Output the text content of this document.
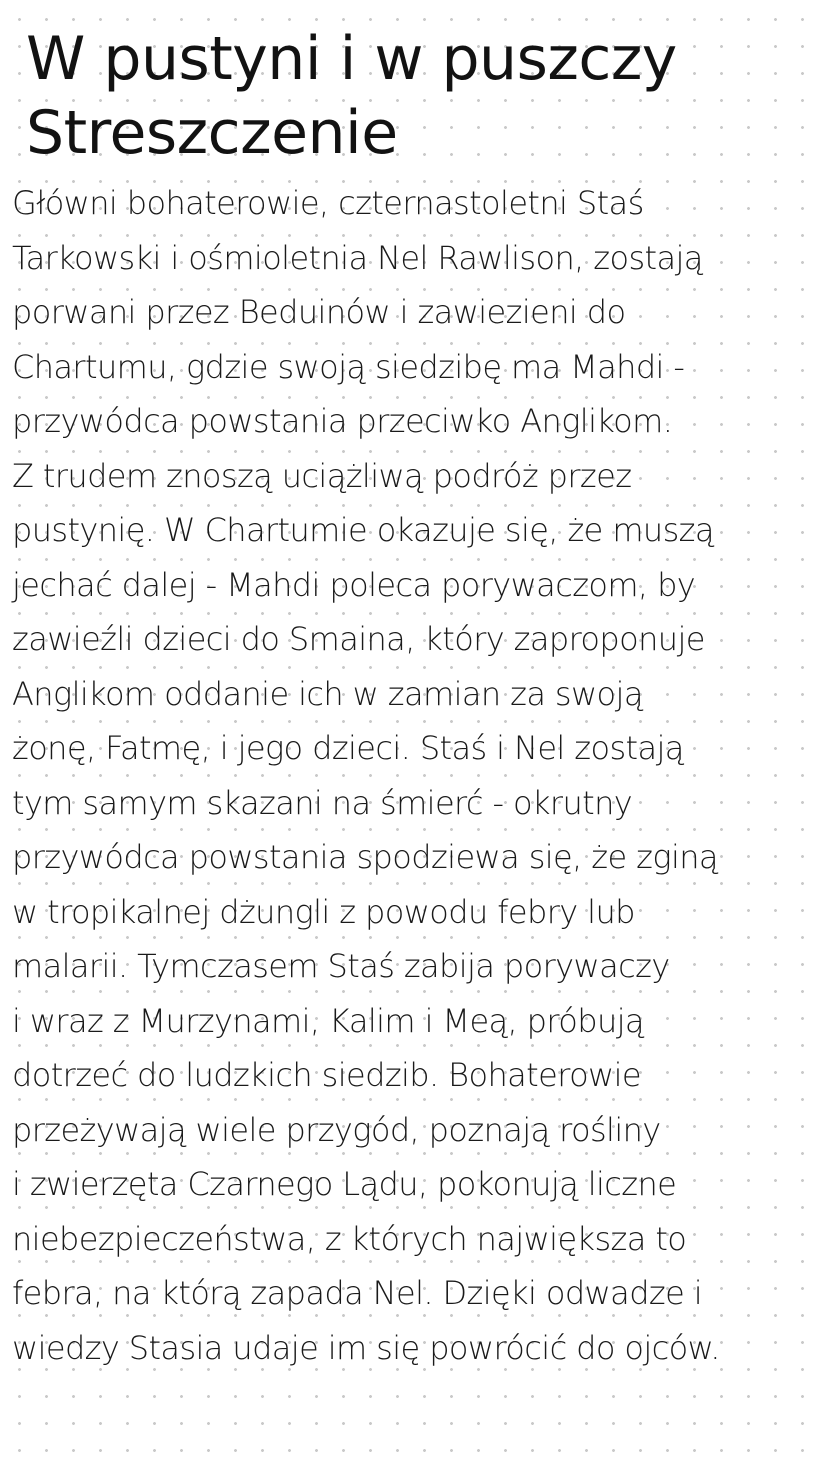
W pustyni i w puszczy
Streszczenie
Główni bohaterowie, czternastoletni Staś
Tarkowski i ośmioletnia Nel Rawlison, zostają
porwani przez Beduinów i zawiezieni do
Chartumu, gdzie swoją siedzibę ma Mahdi -
przywódca powstania przeciwko Anglikom.
Z trudem znoszą uciążliwą podróż przez
pustynię. W Chartumie okazuje się, że muszą
jechać dalej - Mahdi poleca porywaczom, by
zawieźli dzieci do Smaina, który zaproponuje
Anglikom oddanie ich w zamian za swoją
żonę, Fatmę, i jego dzieci. Staś i Nel zostają
tym samym skazani na śmierć - okrutny
przywódca powstania spodziewa się, że zginą
w tropikalnej dżungli z powodu febry lub
malarii. Tymczasem Staś zabija porywaczy
i wraz z Murzynami, Kalim i Meą, próbują
dotrzeć do ludzkich siedzib. Bohaterowie
przeżywają wiele przygód, poznają rośliny
i zwierzęta Czarnego Lądu, pokonują liczne
niebezpieczeństwa, z których największa to
febra, na którą zapada Nel. Dzięki odwadze i
wiedzy Stasia udaje im się powrócić do ojców.
